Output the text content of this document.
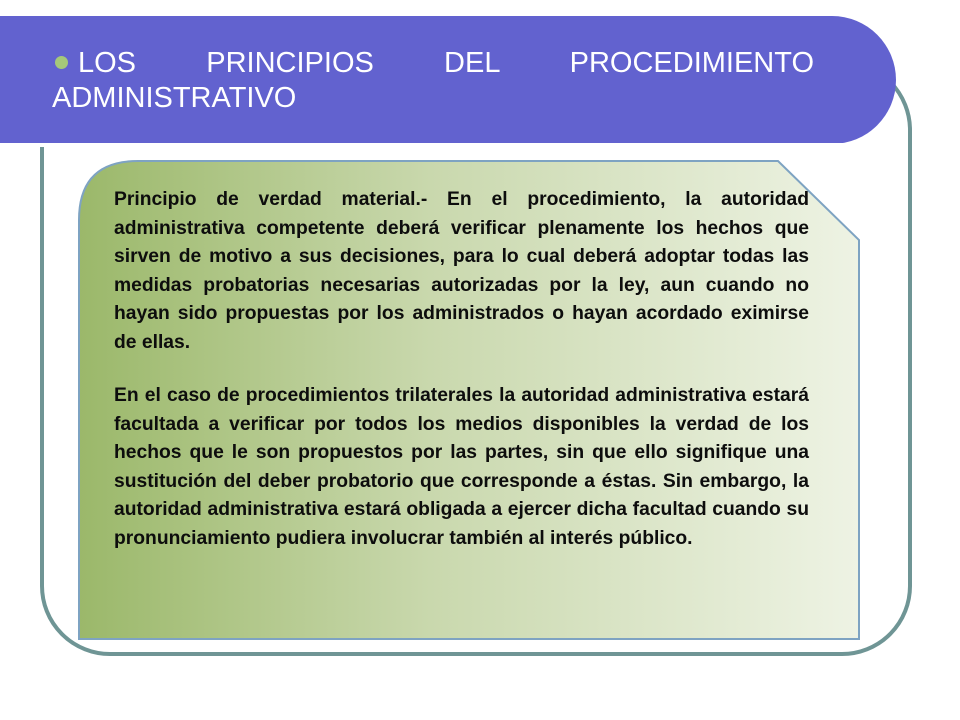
LOS PRINCIPIOS DEL PROCEDIMIENTO
ADMINISTRATIVO

Principio de verdad material.- En el procedimiento, la autoridad administrativa competente deberá verificar plenamente los hechos que sirven de motivo a sus decisiones, para lo cual deberá adoptar todas las medidas probatorias necesarias autorizadas por la ley, aun cuando no hayan sido propuestas por los administrados o hayan acordado eximirse de ellas.

En el caso de procedimientos trilaterales la autoridad administrativa estará facultada a verificar por todos los medios disponibles la verdad de los hechos que le son propuestos por las partes, sin que ello signifique una sustitución del deber probatorio que corresponde a éstas. Sin embargo, la autoridad administrativa estará obligada a ejercer dicha facultad cuando su pronunciamiento pudiera involucrar también al interés público.
